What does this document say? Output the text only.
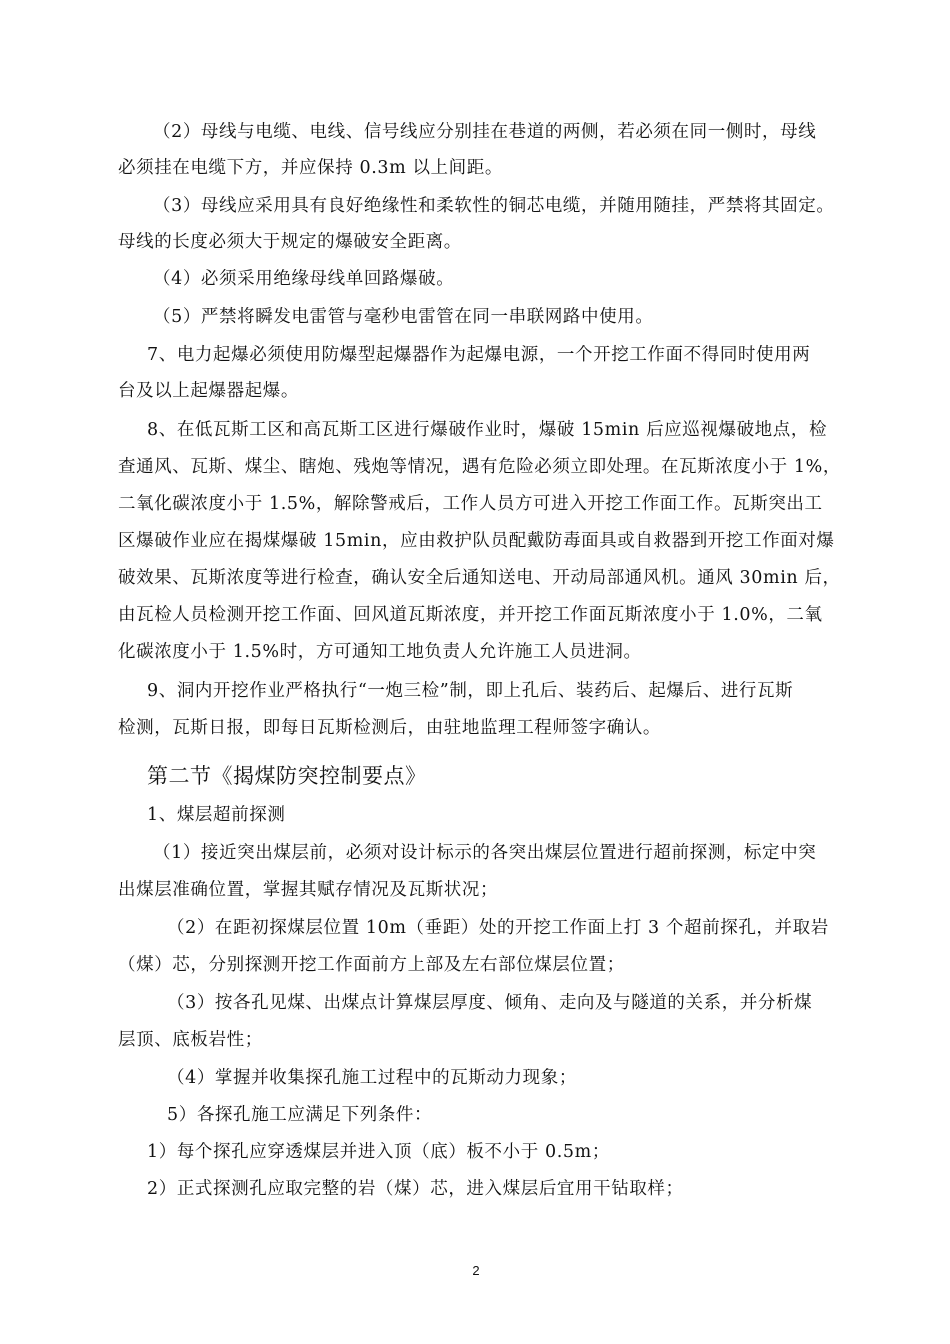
（2）母线与电缆、电线、信号线应分别挂在巷道的两侧，若必须在同一侧时，母线
必须挂在电缆下方，并应保持 0.3m 以上间距。
（3）母线应采用具有良好绝缘性和柔软性的铜芯电缆，并随用随挂，严禁将其固定。
母线的长度必须大于规定的爆破安全距离。
（4）必须采用绝缘母线单回路爆破。
（5）严禁将瞬发电雷管与毫秒电雷管在同一串联网路中使用。
7、电力起爆必须使用防爆型起爆器作为起爆电源，一个开挖工作面不得同时使用两
台及以上起爆器起爆。
8、在低瓦斯工区和高瓦斯工区进行爆破作业时，爆破 15min 后应巡视爆破地点，检
查通风、瓦斯、煤尘、瞎炮、残炮等情况，遇有危险必须立即处理。在瓦斯浓度小于 1%，
二氧化碳浓度小于 1.5%，解除警戒后，工作人员方可进入开挖工作面工作。瓦斯突出工
区爆破作业应在揭煤爆破 15min，应由救护队员配戴防毒面具或自救器到开挖工作面对爆
破效果、瓦斯浓度等进行检查，确认安全后通知送电、开动局部通风机。通风 30min 后，
由瓦检人员检测开挖工作面、回风道瓦斯浓度，并开挖工作面瓦斯浓度小于 1.0%，二氧
化碳浓度小于 1.5%时，方可通知工地负责人允许施工人员进洞。
9、洞内开挖作业严格执行“一炮三检”制，即上孔后、装药后、起爆后、进行瓦斯
检测，瓦斯日报，即每日瓦斯检测后，由驻地监理工程师签字确认。
第二节《揭煤防突控制要点》
1、煤层超前探测
（1）接近突出煤层前，必须对设计标示的各突出煤层位置进行超前探测，标定中突
出煤层准确位置，掌握其赋存情况及瓦斯状况；
（2）在距初探煤层位置 10m（垂距）处的开挖工作面上打 3 个超前探孔，并取岩
（煤）芯，分别探测开挖工作面前方上部及左右部位煤层位置；
（3）按各孔见煤、出煤点计算煤层厚度、倾角、走向及与隧道的关系，并分析煤
层顶、底板岩性；
（4）掌握并收集探孔施工过程中的瓦斯动力现象；
5）各探孔施工应满足下列条件：
1）每个探孔应穿透煤层并进入顶（底）板不小于 0.5m；
2）正式探测孔应取完整的岩（煤）芯，进入煤层后宜用干钻取样；
2
